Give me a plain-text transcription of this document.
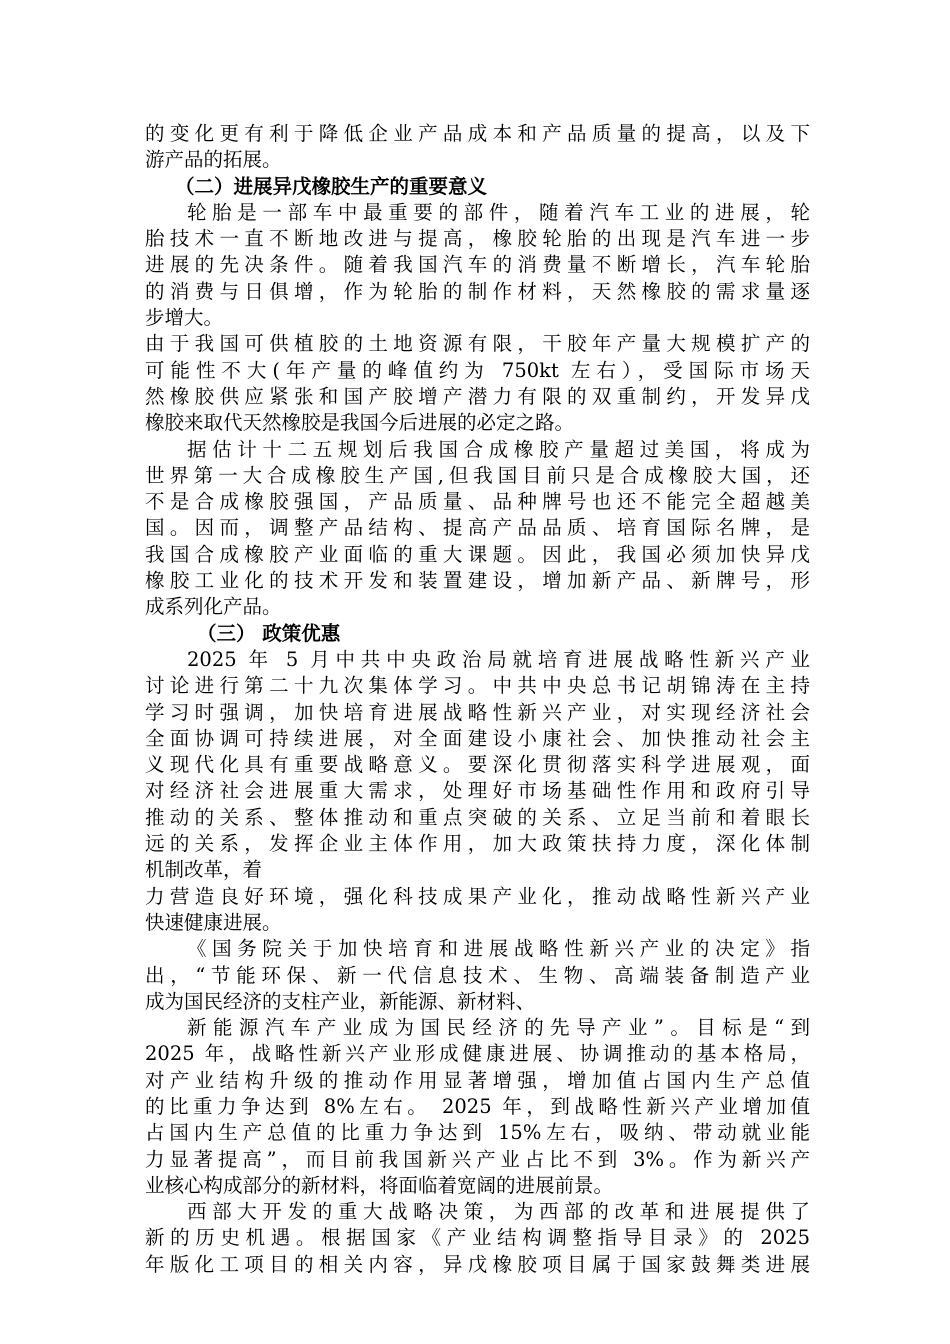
的变化更有利于降低企业产品成本和产品质量的提高，以及下
游产品的拓展。
（二）进展异戊橡胶生产的重要意义
轮胎是一部车中最重要的部件，随着汽车工业的进展，轮
胎技术一直不断地改进与提高，橡胶轮胎的出现是汽车进一步
进展的先决条件。随着我国汽车的消费量不断增长，汽车轮胎
的消费与日俱增，作为轮胎的制作材料，天然橡胶的需求量逐
步增大。
由于我国可供植胶的土地资源有限，干胶年产量大规模扩产的
可能性不大(年产量的峰值约为 750kt 左右），受国际市场天
然橡胶供应紧张和国产胶增产潜力有限的双重制约，开发异戊
橡胶来取代天然橡胶是我国今后进展的必定之路。
据估计十二五规划后我国合成橡胶产量超过美国，将成为
世界第一大合成橡胶生产国,但我国目前只是合成橡胶大国，还
不是合成橡胶强国，产品质量、品种牌号也还不能完全超越美
国。因而，调整产品结构、提高产品品质、培育国际名牌，是
我国合成橡胶产业面临的重大课题。因此，我国必须加快异戊
橡胶工业化的技术开发和装置建设，增加新产品、新牌号，形
成系列化产品。
（三） 政策优惠
2025 年 5 月中共中央政治局就培育进展战略性新兴产业
讨论进行第二十九次集体学习。中共中央总书记胡锦涛在主持
学习时强调，加快培育进展战略性新兴产业，对实现经济社会
全面协调可持续进展，对全面建设小康社会、加快推动社会主
义现代化具有重要战略意义。要深化贯彻落实科学进展观，面
对经济社会进展重大需求，处理好市场基础性作用和政府引导
推动的关系、整体推动和重点突破的关系、立足当前和着眼长
远的关系，发挥企业主体作用，加大政策扶持力度，深化体制
机制改革，着
力营造良好环境，强化科技成果产业化，推动战略性新兴产业
快速健康进展。
《国务院关于加快培育和进展战略性新兴产业的决定》指
出，“节能环保、新一代信息技术、生物、高端装备制造产业
成为国民经济的支柱产业，新能源、新材料、
新能源汽车产业成为国民经济的先导产业”。目标是“到
2025 年，战略性新兴产业形成健康进展、协调推动的基本格局，
对产业结构升级的推动作用显著增强，增加值占国内生产总值
的比重力争达到 8%左右。 2025 年，到战略性新兴产业增加值
占国内生产总值的比重力争达到 15%左右，吸纳、带动就业能
力显著提高”，而目前我国新兴产业占比不到 3%。作为新兴产
业核心构成部分的新材料，将面临着宽阔的进展前景。
西部大开发的重大战略决策，为西部的改革和进展提供了
新的历史机遇。根据国家《产业结构调整指导目录》的 2025
年版化工项目的相关内容，异戊橡胶项目属于国家鼓舞类进展
